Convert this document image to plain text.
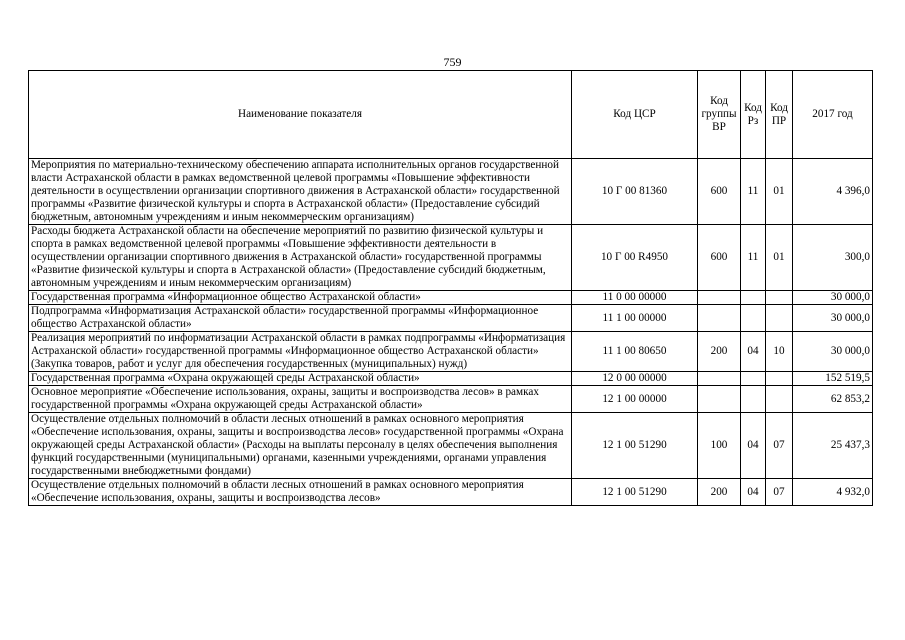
759
Наименование показателя	Код ЦСР	Код группы ВР	Код Рз	Код ПР	2017 год
Мероприятия по материально-техническому обеспечению аппарата исполнительных органов государственной власти Астраханской области в рамках ведомственной целевой программы «Повышение эффективности деятельности в осуществлении организации спортивного движения в Астраханской области» государственной программы «Развитие физической культуры и спорта в Астраханской области» (Предоставление субсидий бюджетным, автономным учреждениям и иным некоммерческим организациям)	10 Г 00 81360	600	11	01	4 396,0
Расходы бюджета Астраханской области на обеспечение мероприятий по развитию физической культуры и спорта в рамках ведомственной целевой программы «Повышение эффективности деятельности в осуществлении организации спортивного движения в Астраханской области» государственной программы «Развитие физической культуры и спорта в Астраханской области» (Предоставление субсидий бюджетным, автономным учреждениям и иным некоммерческим организациям)	10 Г 00 R4950	600	11	01	300,0
Государственная программа «Информационное общество Астраханской области»	11 0 00 00000				30 000,0
Подпрограмма «Информатизация Астраханской области» государственной программы «Информационное общество Астраханской области»	11 1 00 00000				30 000,0
Реализация мероприятий по информатизации Астраханской области в рамках подпрограммы «Информатизация Астраханской области» государственной программы «Информационное общество Астраханской области» (Закупка товаров, работ и услуг для обеспечения государственных (муниципальных) нужд)	11 1 00 80650	200	04	10	30 000,0
Государственная программа «Охрана окружающей среды Астраханской области»	12 0 00 00000				152 519,5
Основное мероприятие «Обеспечение использования, охраны, защиты и воспроизводства лесов» в рамках государственной программы «Охрана окружающей среды Астраханской области»	12 1 00 00000				62 853,2
Осуществление отдельных полномочий в области лесных отношений в рамках основного мероприятия «Обеспечение использования, охраны, защиты и воспроизводства лесов» государственной программы «Охрана окружающей среды Астраханской области» (Расходы на выплаты персоналу в целях обеспечения выполнения функций государственными (муниципальными) органами, казенными учреждениями, органами управления государственными внебюджетными фондами)	12 1 00 51290	100	04	07	25 437,3
Осуществление отдельных полномочий в области лесных отношений в рамках основного мероприятия «Обеспечение использования, охраны, защиты и воспроизводства лесов»	12 1 00 51290	200	04	07	4 932,0
